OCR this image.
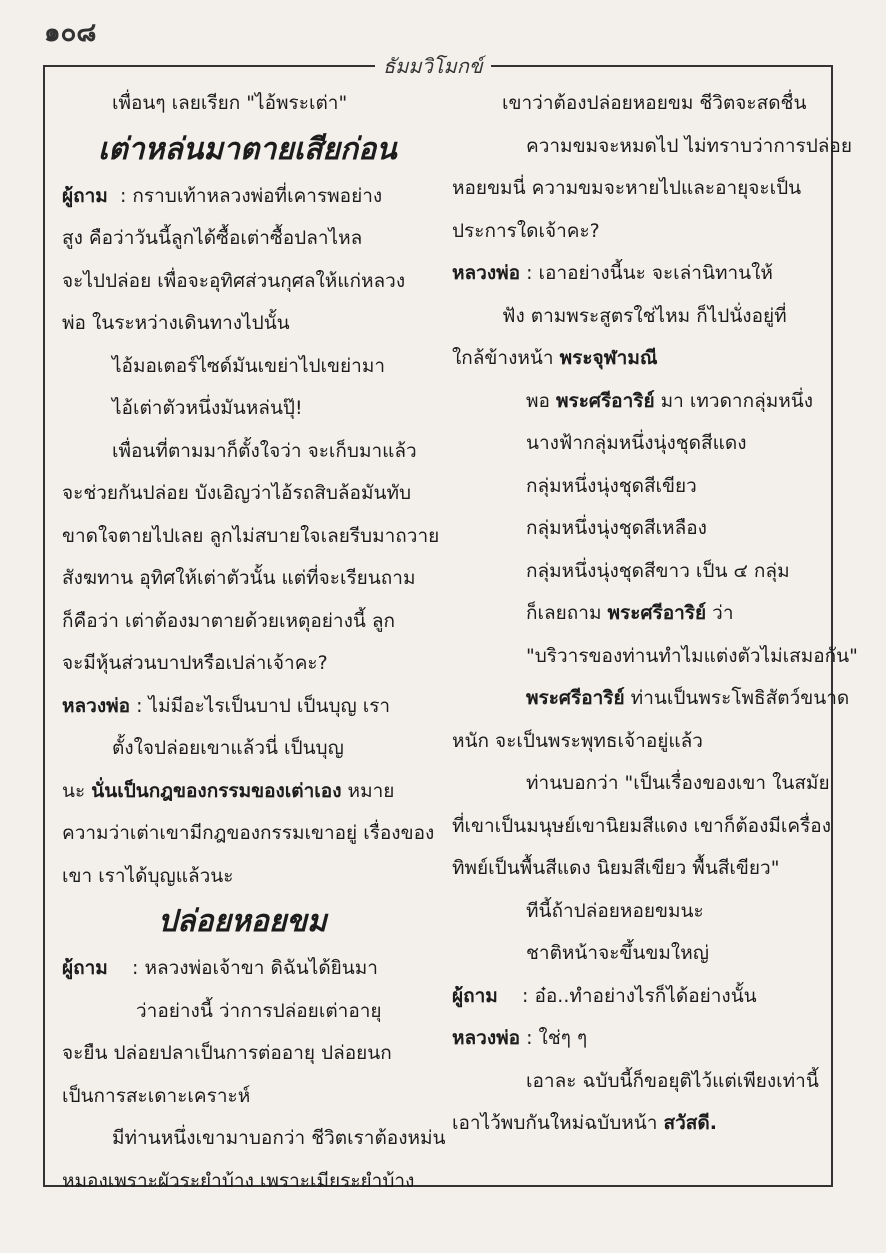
๑๐๘
ธัมมวิโมกข์
เพื่อนๆ เลยเรียก "ไอ้พระเต่า"
เต่าหล่นมาตายเสียก่อน
ผู้ถาม : กราบเท้าหลวงพ่อที่เคารพอย่าง
สูง คือว่าวันนี้ลูกได้ซื้อเต่าซื้อปลาไหล
จะไปปล่อย เพื่อจะอุทิศส่วนกุศลให้แก่หลวง
พ่อ ในระหว่างเดินทางไปนั้น
ไอ้มอเตอร์ไซด์มันเขย่าไปเขย่ามา
ไอ้เต่าตัวหนึ่งมันหล่นปุ๊!
เพื่อนที่ตามมาก็ตั้งใจว่า จะเก็บมาแล้ว
จะช่วยกันปล่อย บังเอิญว่าไอ้รถสิบล้อมันทับ
ขาดใจตายไปเลย ลูกไม่สบายใจเลยรีบมาถวาย
สังฆทาน อุทิศให้เต่าตัวนั้น แต่ที่จะเรียนถาม
ก็คือว่า เต่าต้องมาตายด้วยเหตุอย่างนี้ ลูก
จะมีหุ้นส่วนบาปหรือเปล่าเจ้าคะ?
หลวงพ่อ : ไม่มีอะไรเป็นบาป เป็นบุญ เรา
ตั้งใจปล่อยเขาแล้วนี่ เป็นบุญ
นะ นั่นเป็นกฎของกรรมของเต่าเอง หมาย
ความว่าเต่าเขามีกฎของกรรมเขาอยู่ เรื่องของ
เขา เราได้บุญแล้วนะ
ปล่อยหอยขม
ผู้ถาม : หลวงพ่อเจ้าขา ดิฉันได้ยินมา
ว่าอย่างนี้ ว่าการปล่อยเต่าอายุ
จะยืน ปล่อยปลาเป็นการต่ออายุ ปล่อยนก
เป็นการสะเดาะเคราะห์
มีท่านหนึ่งเขามาบอกว่า ชีวิตเราต้องหม่น
หมองเพราะผัวระยำบ้าง เพราะเมียระยำบ้าง
เขาว่าต้องปล่อยหอยขม ชีวิตจะสดชื่น
ความขมจะหมดไป ไม่ทราบว่าการปล่อย
หอยขมนี่ ความขมจะหายไปและอายุจะเป็น
ประการใดเจ้าคะ?
หลวงพ่อ : เอาอย่างนี้นะ จะเล่านิทานให้
ฟัง ตามพระสูตรใช่ไหม ก็ไปนั่งอยู่ที่
ใกล้ข้างหน้า พระจุฬามณี
พอ พระศรีอาริย์ มา เทวดากลุ่มหนึ่ง
นางฟ้ากลุ่มหนึ่งนุ่งชุดสีแดง
กลุ่มหนึ่งนุ่งชุดสีเขียว
กลุ่มหนึ่งนุ่งชุดสีเหลือง
กลุ่มหนึ่งนุ่งชุดสีขาว เป็น ๔ กลุ่ม
ก็เลยถาม พระศรีอาริย์ ว่า
"บริวารของท่านทำไมแต่งตัวไม่เสมอกัน"
พระศรีอาริย์ ท่านเป็นพระโพธิสัตว์ขนาด
หนัก จะเป็นพระพุทธเจ้าอยู่แล้ว
ท่านบอกว่า "เป็นเรื่องของเขา ในสมัย
ที่เขาเป็นมนุษย์เขานิยมสีแดง เขาก็ต้องมีเครื่อง
ทิพย์เป็นพื้นสีแดง นิยมสีเขียว พื้นสีเขียว"
ทีนี้ถ้าปล่อยหอยขมนะ
ชาติหน้าจะขึ้นขมใหญ่
ผู้ถาม : อ๋อ..ทำอย่างไรก็ได้อย่างนั้น
หลวงพ่อ : ใช่ๆ ๆ
เอาละ ฉบับนี้ก็ขอยุติไว้แต่เพียงเท่านี้
เอาไว้พบกันใหม่ฉบับหน้า สวัสดี.
